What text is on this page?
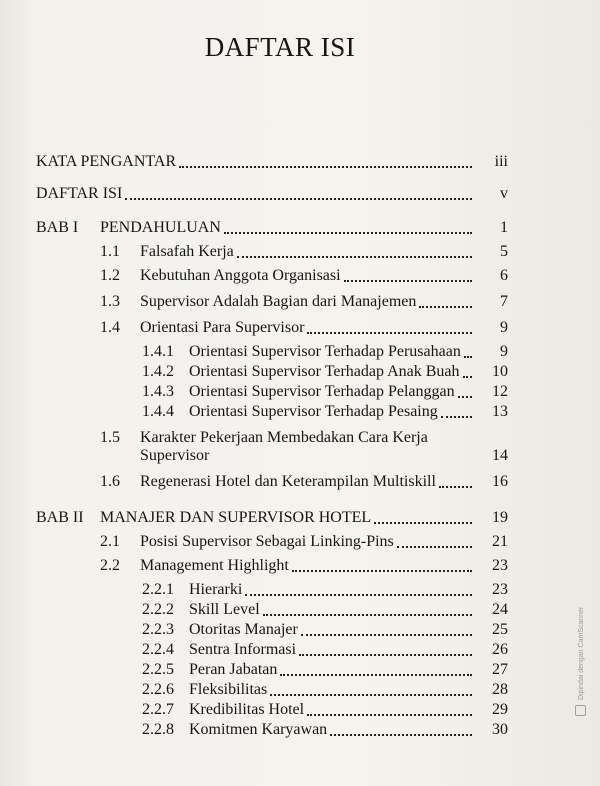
DAFTAR ISI
KATA PENGANTAR	iii
DAFTAR ISI	v
BAB I PENDAHULUAN	1
1.1 Falsafah Kerja	5
1.2 Kebutuhan Anggota Organisasi	6
1.3 Supervisor Adalah Bagian dari Manajemen	7
1.4 Orientasi Para Supervisor	9
1.4.1 Orientasi Supervisor Terhadap Perusahaan	9
1.4.2 Orientasi Supervisor Terhadap Anak Buah	10
1.4.3 Orientasi Supervisor Terhadap Pelanggan	12
1.4.4 Orientasi Supervisor Terhadap Pesaing	13
1.5 Karakter Pekerjaan Membedakan Cara Kerja
Supervisor	14
1.6 Regenerasi Hotel dan Keterampilan Multiskill	16
BAB II MANAJER DAN SUPERVISOR HOTEL	19
2.1 Posisi Supervisor Sebagai Linking-Pins	21
2.2 Management Highlight	23
2.2.1 Hierarki	23
2.2.2 Skill Level	24
2.2.3 Otoritas Manajer	25
2.2.4 Sentra Informasi	26
2.2.5 Peran Jabatan	27
2.2.6 Fleksibilitas	28
2.2.7 Kredibilitas Hotel	29
2.2.8 Komitmen Karyawan	30
Dipindai dengan CamScanner
